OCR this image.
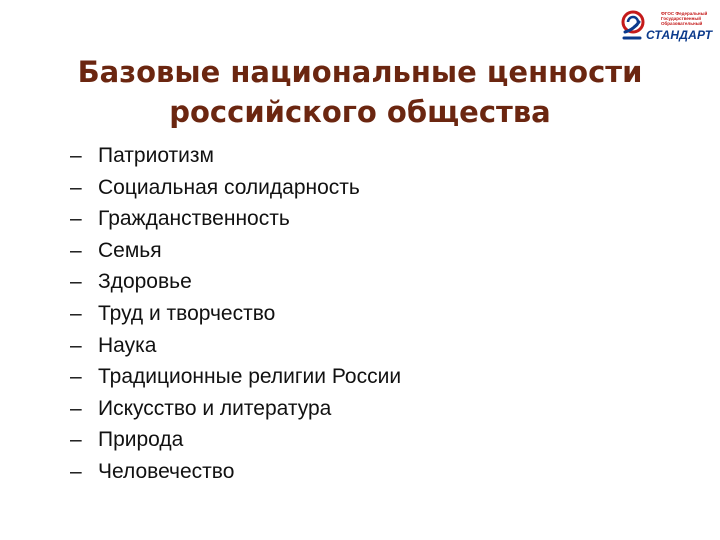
ФГОС Федеральный
Государственный
Образовательный
СТАНДАРТ
Базовые национальные ценности
российского общества
– Патриотизм
– Социальная солидарность
– Гражданственность
– Семья
– Здоровье
– Труд и творчество
– Наука
– Традиционные религии России
– Искусство и литература
– Природа
– Человечество
